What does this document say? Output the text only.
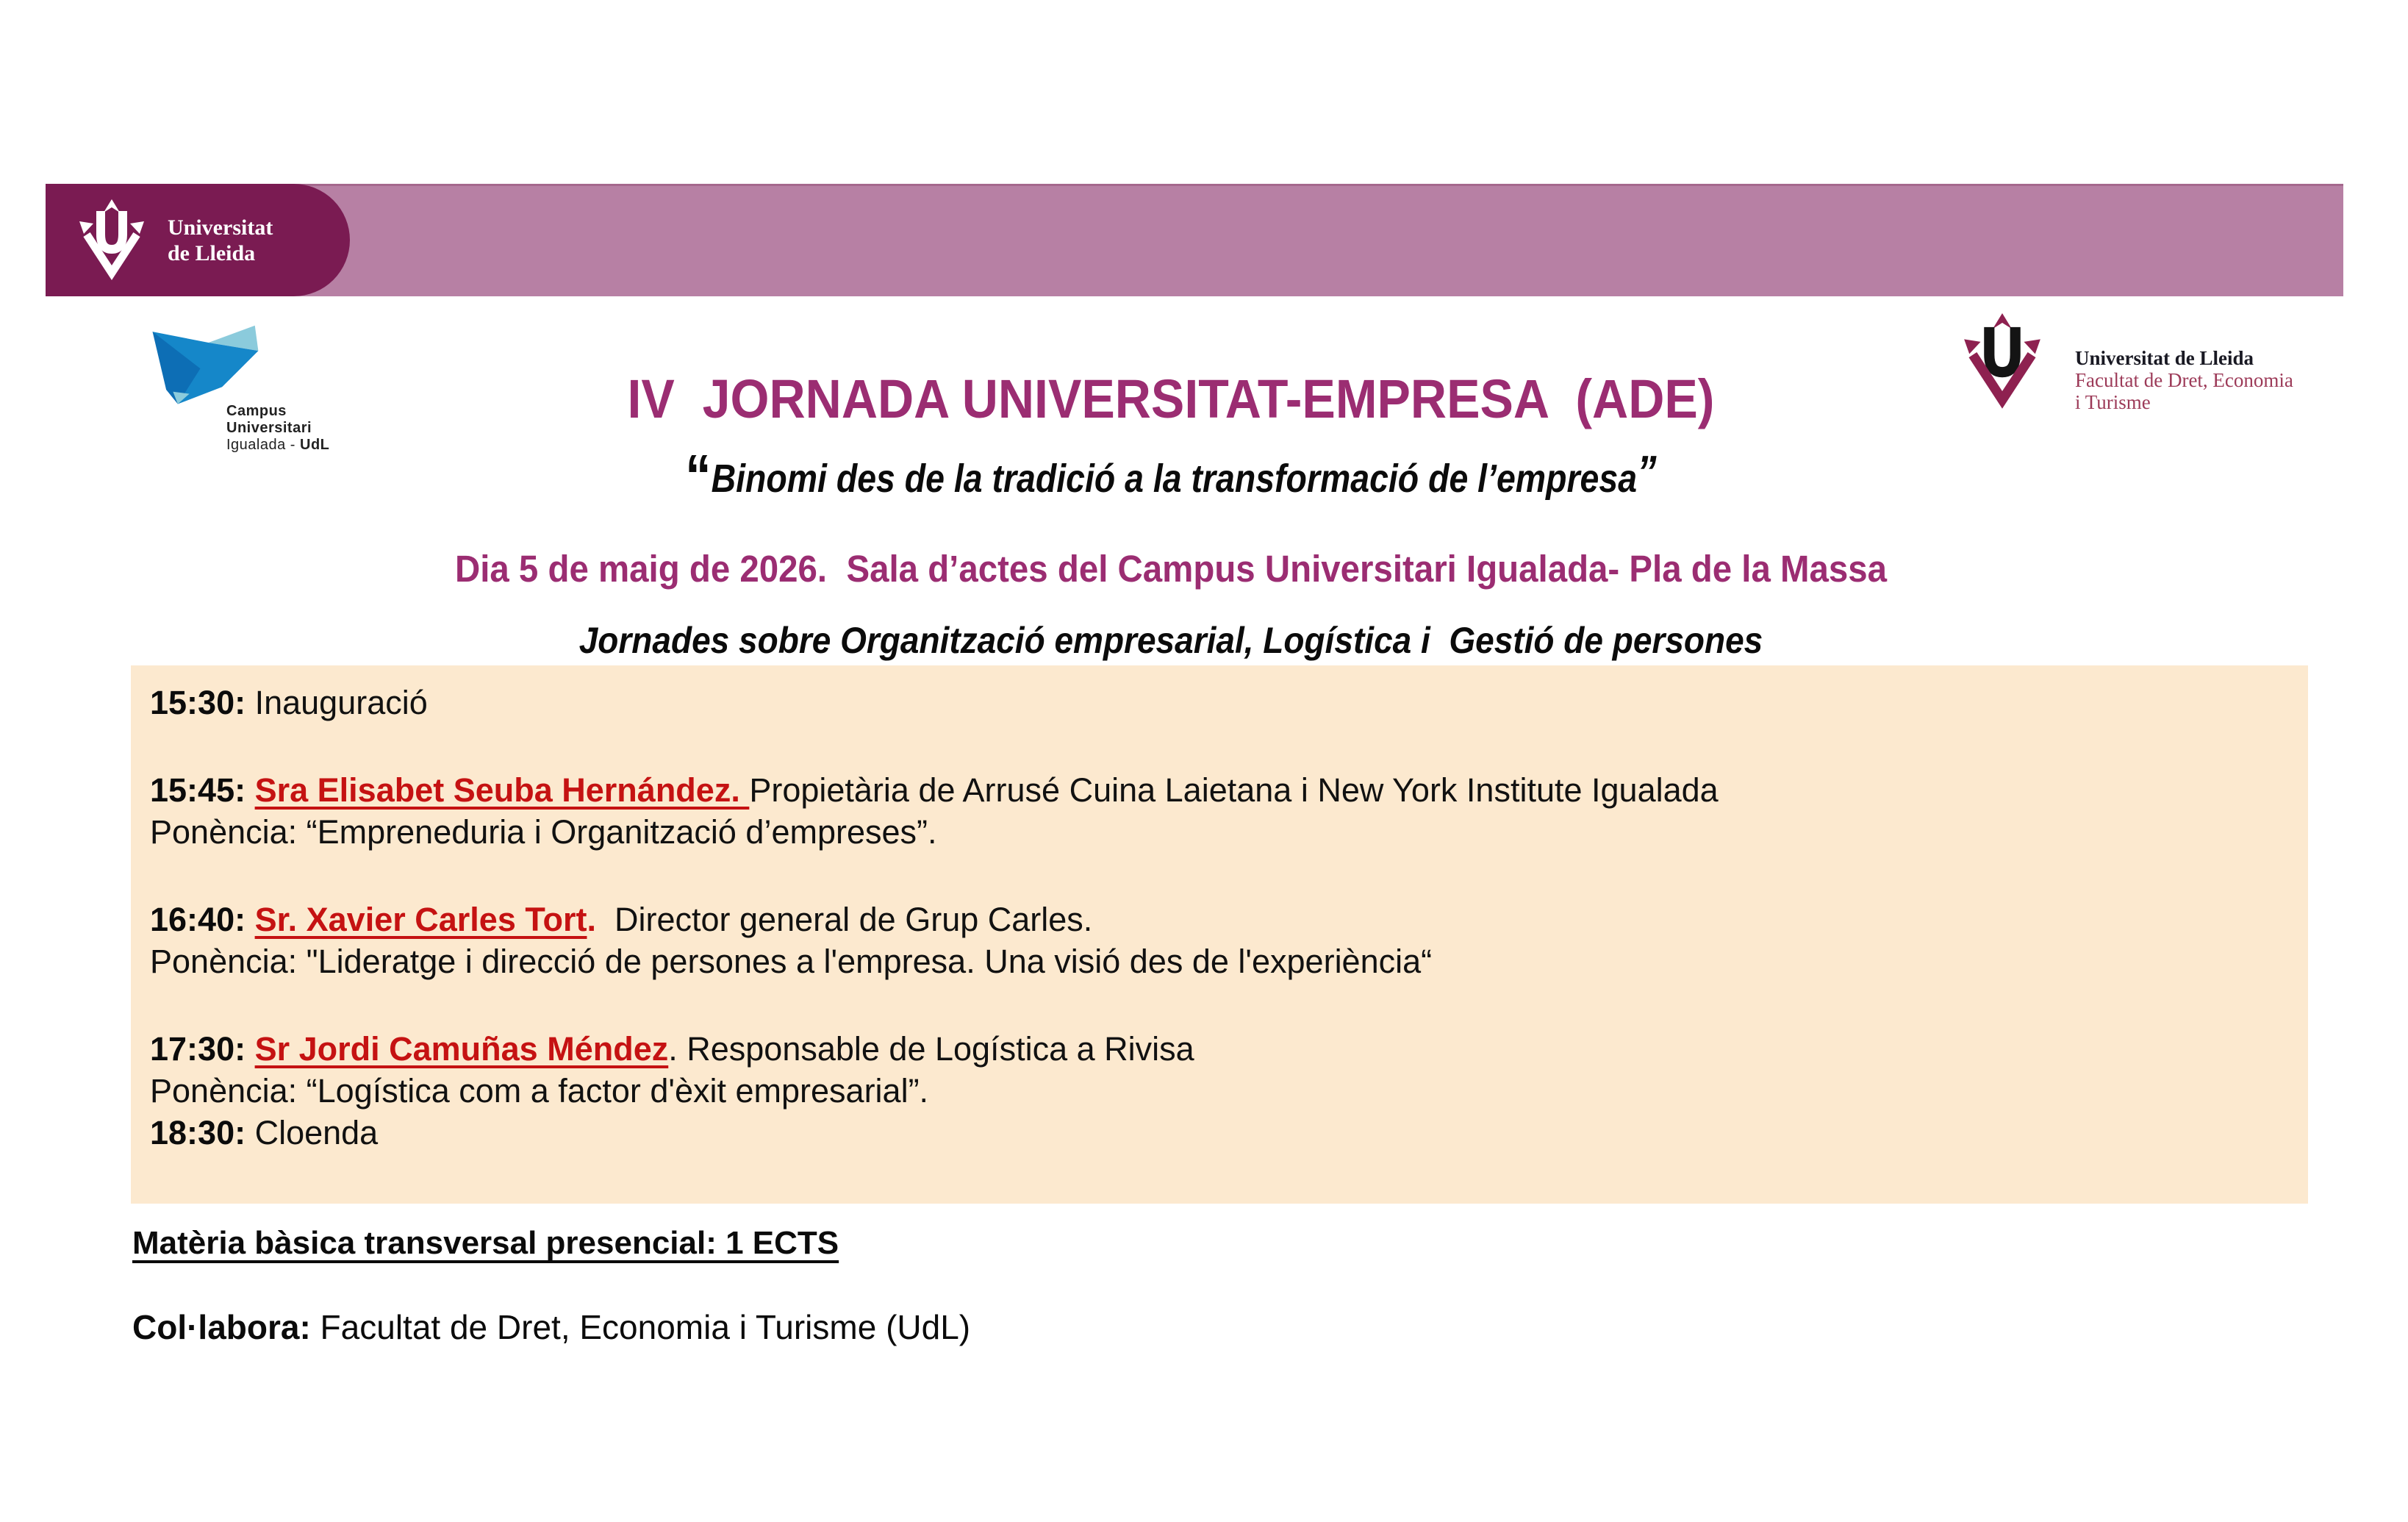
Universitat
de Lleida
Campus
Universitari
Igualada - UdL
IV  JORNADA UNIVERSITAT-EMPRESA  (ADE)
Universitat de Lleida
Facultat de Dret, Economia
i Turisme
“Binomi des de la tradició a la transformació de l’empresa”
Dia 5 de maig de 2026.  Sala d’actes del Campus Universitari Igualada- Pla de la Massa
Jornades sobre Organització empresarial, Logística i  Gestió de persones

15:30: Inauguració

15:45: Sra Elisabet Seuba Hernández. Propietària de Arrusé Cuina Laietana i New York Institute Igualada

Ponència: “Empreneduria i Organització d’empreses”.

16:40: Sr. Xavier Carles Tort.  Director general de Grup Carles.

Ponència: "Lideratge i direcció de persones a l'empresa. Una visió des de l'experiència“

17:30: Sr Jordi Camuñas Méndez. Responsable de Logística a Rivisa

Ponència: “Logística com a factor d'èxit empresarial”.

18:30: Cloenda

Matèria bàsica transversal presencial: 1 ECTS
Col·labora: Facultat de Dret, Economia i Turisme (UdL)
